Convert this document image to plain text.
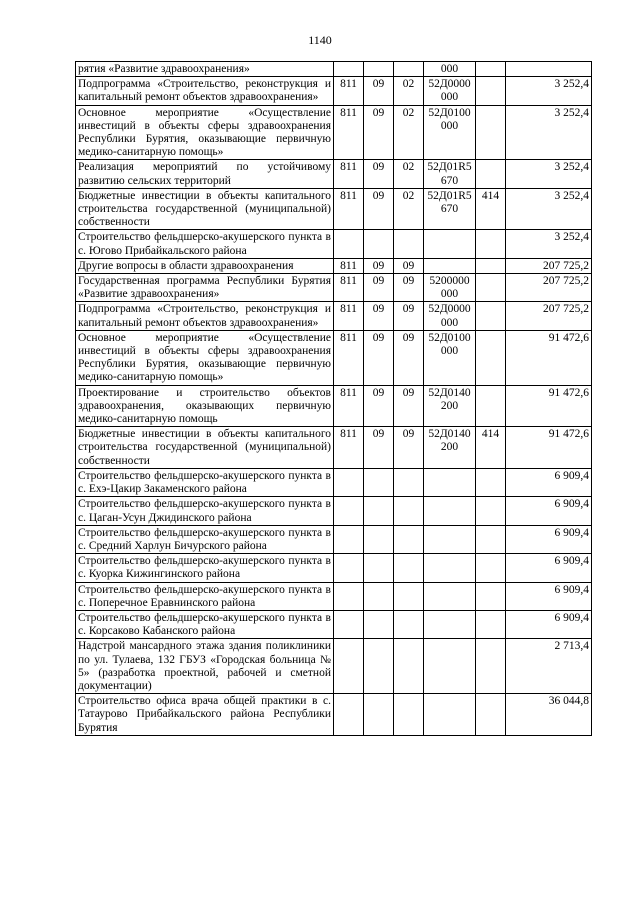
1140
рятия «Развитие здравоохранения»				000		
Подпрограмма «Строительство, реконструкция и капитальный ремонт объектов здравоохранения»	811	09	02	52Д0000 000		3 252,4
Основное мероприятие «Осуществление инвестиций в объекты сферы здравоохранения Республики Бурятия, оказывающие первичную медико-санитарную помощь»	811	09	02	52Д0100 000		3 252,4
Реализация мероприятий по устойчивому развитию сельских территорий	811	09	02	52Д01R5 670		3 252,4
Бюджетные инвестиции в объекты капитального строительства государственной (муниципальной) собственности	811	09	02	52Д01R5 670	414	3 252,4
Строительство фельдшерско-акушерского пункта в с. Югово Прибайкальского района						3 252,4
Другие вопросы в области здравоохранения	811	09	09			207 725,2
Государственная программа Республики Бурятия «Развитие здравоохранения»	811	09	09	5200000 000		207 725,2
Подпрограмма «Строительство, реконструкция и капитальный ремонт объектов здравоохранения»	811	09	09	52Д0000 000		207 725,2
Основное мероприятие «Осуществление инвестиций в объекты сферы здравоохранения Республики Бурятия, оказывающие первичную медико-санитарную помощь»	811	09	09	52Д0100 000		91 472,6
Проектирование и строительство объектов здравоохранения, оказывающих первичную медико-санитарную помощь	811	09	09	52Д0140 200		91 472,6
Бюджетные инвестиции в объекты капитального строительства государственной (муниципальной) собственности	811	09	09	52Д0140 200	414	91 472,6
Строительство фельдшерско-акушерского пункта в с. Ехэ-Цакир Закаменского района						6 909,4
Строительство фельдшерско-акушерского пункта в с. Цаган-Усун Джидинского района						6 909,4
Строительство фельдшерско-акушерского пункта в с. Средний Харлун Бичурского района						6 909,4
Строительство фельдшерско-акушерского пункта в с. Куорка Кижингинского района						6 909,4
Строительство фельдшерско-акушерского пункта в с. Поперечное Еравнинского района						6 909,4
Строительство фельдшерско-акушерского пункта в с. Корсаково Кабанского района						6 909,4
Надстрой мансардного этажа здания поликлиники по ул. Тулаева, 132 ГБУЗ «Городская больница № 5» (разработка проектной, рабочей и сметной документации)						2 713,4
Строительство офиса врача общей практики в с. Татаурово Прибайкальского района Республики Бурятия						36 044,8
